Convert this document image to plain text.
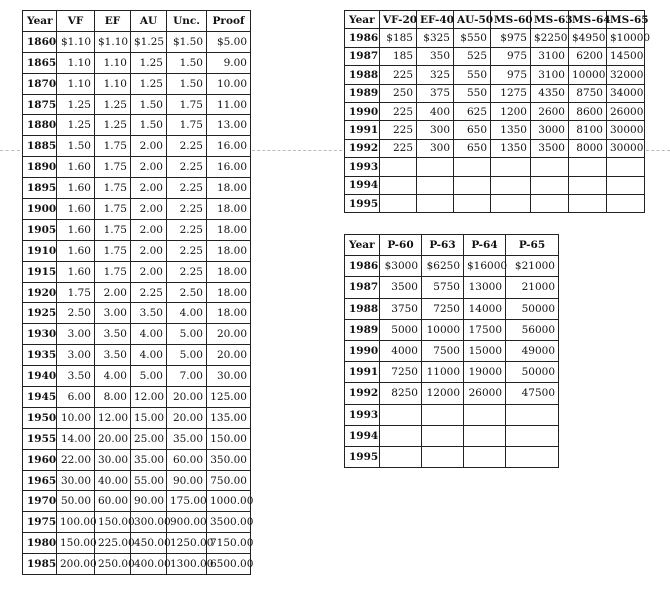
Year	VF	EF	AU	Unc.	Proof
1860	$1.10	$1.10	$1.25	$1.50	$5.00
1865	1.10	1.10	1.25	1.50	9.00
1870	1.10	1.10	1.25	1.50	10.00
1875	1.25	1.25	1.50	1.75	11.00
1880	1.25	1.25	1.50	1.75	13.00
1885	1.50	1.75	2.00	2.25	16.00
1890	1.60	1.75	2.00	2.25	16.00
1895	1.60	1.75	2.00	2.25	18.00
1900	1.60	1.75	2.00	2.25	18.00
1905	1.60	1.75	2.00	2.25	18.00
1910	1.60	1.75	2.00	2.25	18.00
1915	1.60	1.75	2.00	2.25	18.00
1920	1.75	2.00	2.25	2.50	18.00
1925	2.50	3.00	3.50	4.00	18.00
1930	3.00	3.50	4.00	5.00	20.00
1935	3.00	3.50	4.00	5.00	20.00
1940	3.50	4.00	5.00	7.00	30.00
1945	6.00	8.00	12.00	20.00	125.00
1950	10.00	12.00	15.00	20.00	135.00
1955	14.00	20.00	25.00	35.00	150.00
1960	22.00	30.00	35.00	60.00	350.00
1965	30.00	40.00	55.00	90.00	750.00
1970	50.00	60.00	90.00	175.00	1000.00
1975	100.00	150.00	300.00	900.00	3500.00
1980	150.00	225.00	450.00	1250.00	7150.00
1985	200.00	250.00	400.00	1300.00	6500.00
Year	VF-20	EF-40	AU-50	MS-60	MS-63	MS-64	MS-65
1986	$185	$325	$550	$975	$2250	$4950	$10000
1987	185	350	525	975	3100	6200	14500
1988	225	325	550	975	3100	10000	32000
1989	250	375	550	1275	4350	8750	34000
1990	225	400	625	1200	2600	8600	26000
1991	225	300	650	1350	3000	8100	30000
1992	225	300	650	1350	3500	8000	30000
1993							
1994							
1995							
Year	P-60	P-63	P-64	P-65
1986	$3000	$6250	$16000	$21000
1987	3500	5750	13000	21000
1988	3750	7250	14000	50000
1989	5000	10000	17500	56000
1990	4000	7500	15000	49000
1991	7250	11000	19000	50000
1992	8250	12000	26000	47500
1993				
1994				
1995				
